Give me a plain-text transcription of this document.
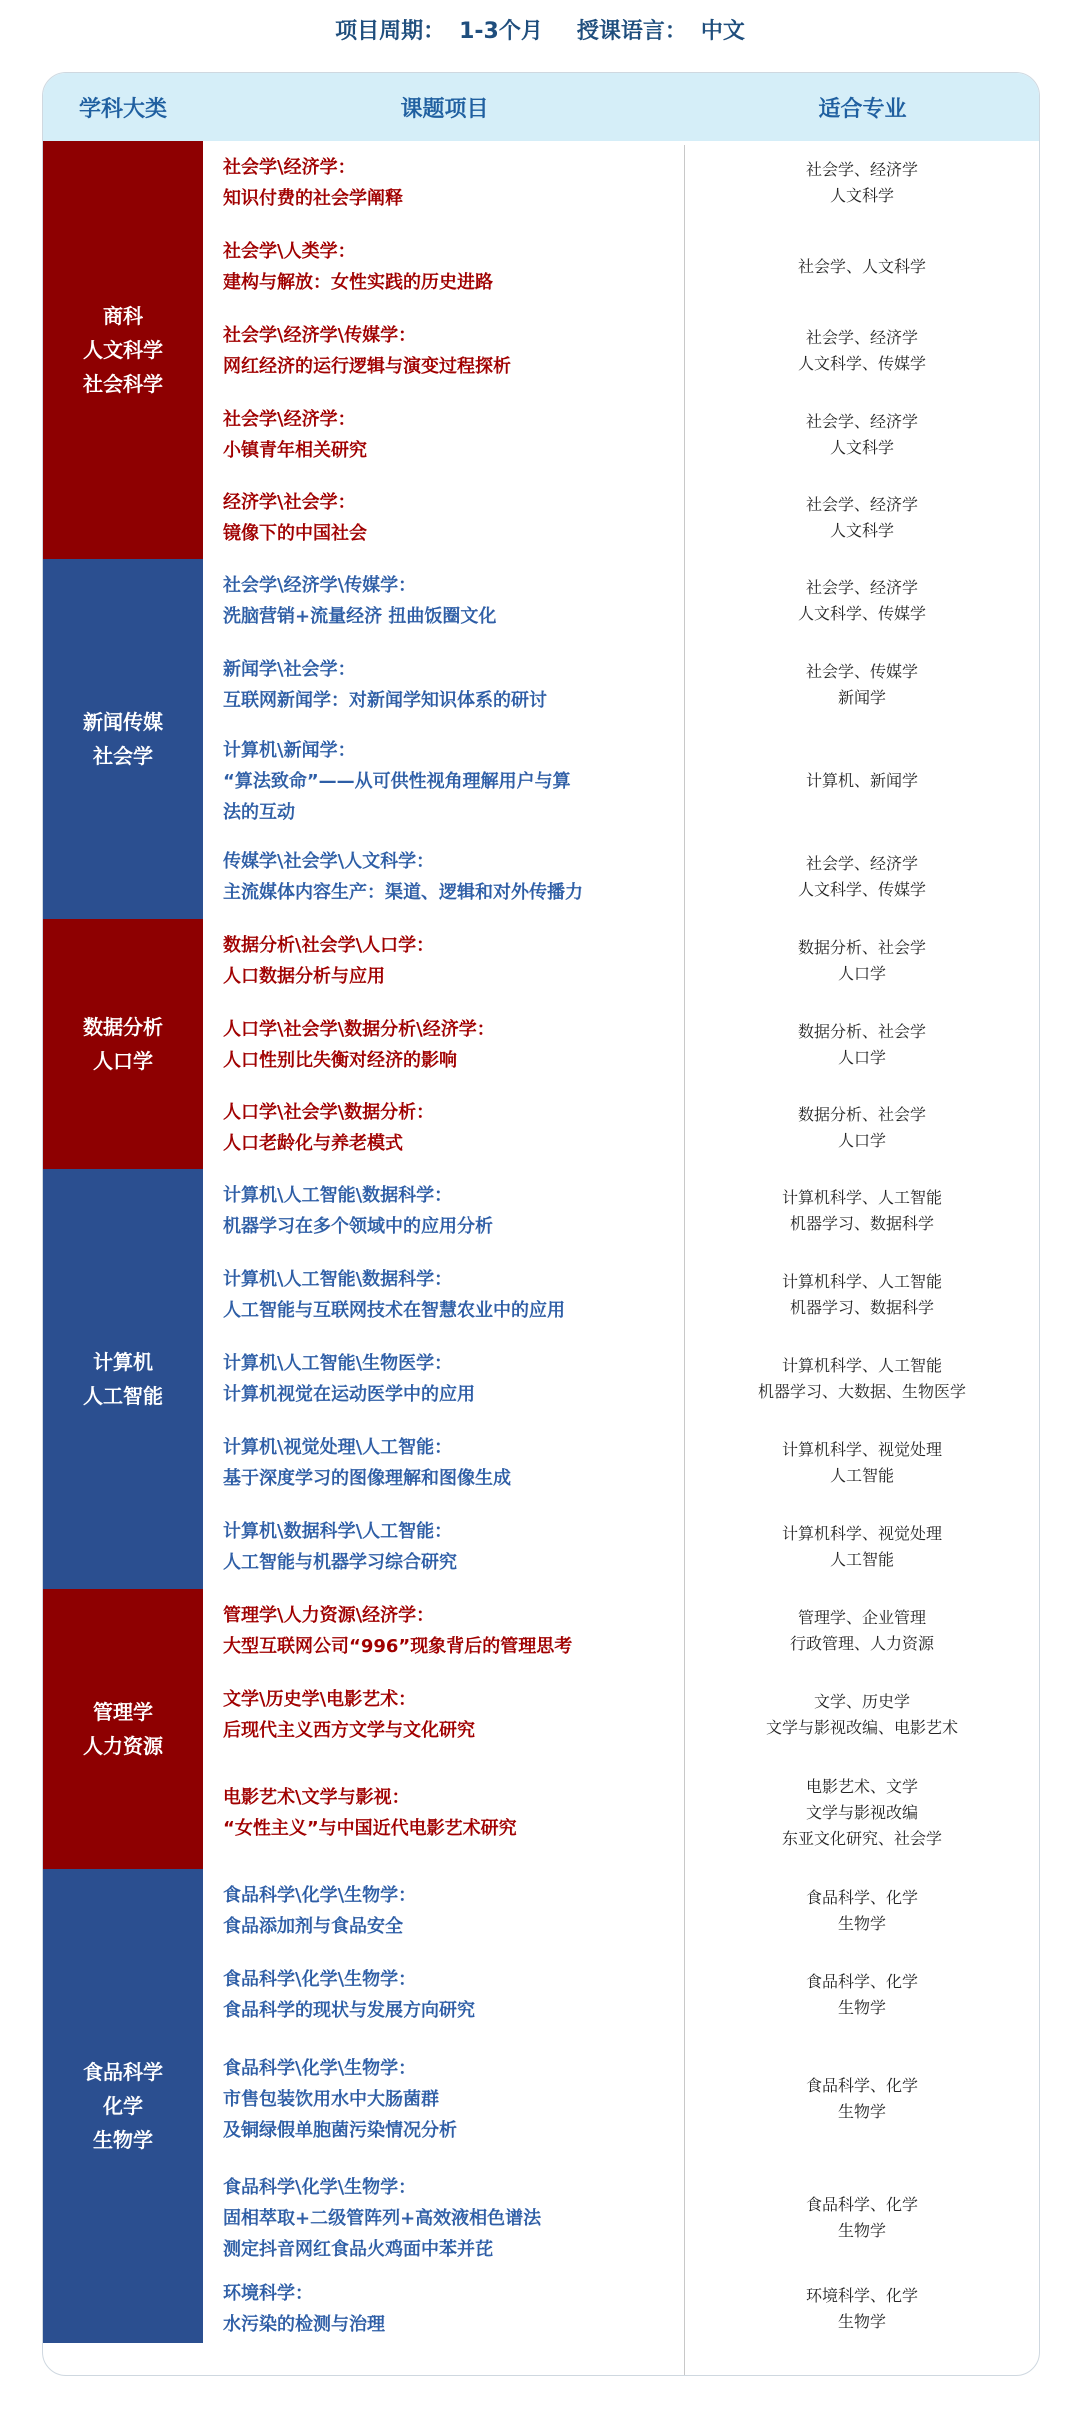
项目周期： 1-3个月 授课语言： 中文
学科大类	课题项目	适合专业
商科
人文科学
社会科学
社会学\经济学：
知识付费的社会学阐释
社会学、经济学
人文科学
社会学\人类学：
建构与解放：女性实践的历史进路
社会学、人文科学
社会学\经济学\传媒学：
网红经济的运行逻辑与演变过程探析
社会学、经济学
人文科学、传媒学
社会学\经济学：
小镇青年相关研究
社会学、经济学
人文科学
经济学\社会学：
镜像下的中国社会
社会学、经济学
人文科学
新闻传媒
社会学
社会学\经济学\传媒学：
洗脑营销+流量经济 扭曲饭圈文化
社会学、经济学
人文科学、传媒学
新闻学\社会学：
互联网新闻学：对新闻学知识体系的研讨
社会学、传媒学
新闻学
计算机\新闻学：
“算法致命”——从可供性视角理解用户与算
法的互动
计算机、新闻学
传媒学\社会学\人文科学：
主流媒体内容生产：渠道、逻辑和对外传播力
社会学、经济学
人文科学、传媒学
数据分析
人口学
数据分析\社会学\人口学：
人口数据分析与应用
数据分析、社会学
人口学
人口学\社会学\数据分析\经济学：
人口性别比失衡对经济的影响
数据分析、社会学
人口学
人口学\社会学\数据分析：
人口老龄化与养老模式
数据分析、社会学
人口学
计算机
人工智能
计算机\人工智能\数据科学：
机器学习在多个领域中的应用分析
计算机科学、人工智能
机器学习、数据科学
计算机\人工智能\数据科学：
人工智能与互联网技术在智慧农业中的应用
计算机科学、人工智能
机器学习、数据科学
计算机\人工智能\生物医学：
计算机视觉在运动医学中的应用
计算机科学、人工智能
机器学习、大数据、生物医学
计算机\视觉处理\人工智能：
基于深度学习的图像理解和图像生成
计算机科学、视觉处理
人工智能
计算机\数据科学\人工智能：
人工智能与机器学习综合研究
计算机科学、视觉处理
人工智能
管理学
人力资源
管理学\人力资源\经济学：
大型互联网公司“996”现象背后的管理思考
管理学、企业管理
行政管理、人力资源
文学\历史学\电影艺术：
后现代主义西方文学与文化研究
文学、历史学
文学与影视改编、电影艺术
电影艺术\文学与影视：
“女性主义”与中国近代电影艺术研究
电影艺术、文学
文学与影视改编
东亚文化研究、社会学
食品科学
化学
生物学
食品科学\化学\生物学：
食品添加剂与食品安全
食品科学、化学
生物学
食品科学\化学\生物学：
食品科学的现状与发展方向研究
食品科学、化学
生物学
食品科学\化学\生物学：
市售包装饮用水中大肠菌群
及铜绿假单胞菌污染情况分析
食品科学、化学
生物学
食品科学\化学\生物学：
固相萃取+二级管阵列+高效液相色谱法
测定抖音网红食品火鸡面中苯并芘
食品科学、化学
生物学
环境科学：
水污染的检测与治理
环境科学、化学
生物学
